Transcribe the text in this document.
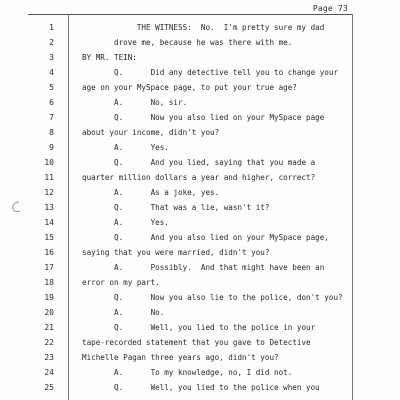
Page 73
1	THE WITNESS:  No.  I'm pretty sure my dad
2	drove me, because he was there with me.
3	BY MR. TEIN:
4	Q.      Did any detective tell you to change your
5	age on your MySpace page, to put your true age?
6	A.      No, sir.
7	Q.      Now you also lied on your MySpace page
8	about your income, didn't you?
9	A.      Yes.
10	Q.      And you lied, saying that you made a
11	quarter million dollars a year and higher, correct?
12	A.      As a joke, yes.
13	Q.      That was a lie, wasn't it?
14	A.      Yes.
15	Q.      And you also lied on your MySpace page,
16	saying that you were married, didn't you?
17	A.      Possibly.  And that might have been an
18	error on my part.
19	Q.      Now you also lie to the police, don't you?
20	A.      No.
21	Q.      Well, you lied to the police in your
22	tape-recorded statement that you gave to Detective
23	Michelle Pagan three years ago, didn't you?
24	A.      To my knowledge, no, I did not.
25	Q.      Well, you lied to the police when you
